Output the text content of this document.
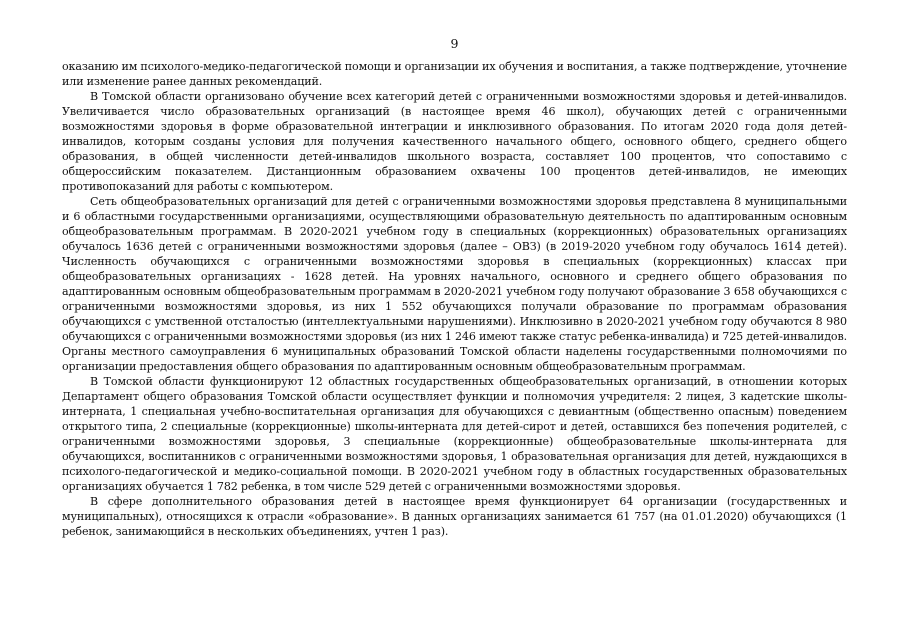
9

оказанию им психолого-медико-педагогической помощи и организации их обучения и воспитания, а также подтверждение, уточнение или изменение ранее данных рекомендаций.

В Томской области организовано обучение всех категорий детей с ограниченными возможностями здоровья и детей-инвалидов. Увеличивается число образовательных организаций (в настоящее время 46 школ), обучающих детей с ограниченными возможностями здоровья в форме образовательной интеграции и инклюзивного образования. По итогам 2020 года доля детей-инвалидов, которым созданы условия для получения качественного начального общего, основного общего, среднего общего образования, в общей численности детей-инвалидов школьного возраста, составляет 100 процентов, что сопоставимо с общероссийским показателем. Дистанционным образованием охвачены 100 процентов детей-инвалидов, не имеющих противопоказаний для работы с компьютером.

Сеть общеобразовательных организаций для детей с ограниченными возможностями здоровья представлена 8 муниципальными и 6 областными государственными организациями, осуществляющими образовательную деятельность по адаптированным основным общеобразовательным программам. В 2020-2021 учебном году в специальных (коррекционных) образовательных организациях обучалось 1636 детей с ограниченными возможностями здоровья (далее – ОВЗ) (в 2019-2020 учебном году обучалось 1614 детей). Численность обучающихся с ограниченными возможностями здоровья в специальных (коррекционных) классах при общеобразовательных организациях - 1628 детей. На уровнях начального, основного и среднего общего образования по адаптированным основным общеобразовательным программам в 2020-2021 учебном году получают образование 3 658 обучающихся с ограниченными возможностями здоровья, из них 1 552 обучающихся получали образование по программам образования обучающихся с умственной отсталостью (интеллектуальными нарушениями). Инклюзивно в 2020-2021 учебном году обучаются 8 980 обучающихся с ограниченными возможностями здоровья (из них 1 246 имеют также статус ребенка-инвалида) и 725 детей-инвалидов. Органы местного самоуправления 6 муниципальных образований Томской области наделены государственными полномочиями по организации предоставления общего образования по адаптированным основным общеобразовательным программам.

В Томской области функционируют 12 областных государственных общеобразовательных организаций, в отношении которых Департамент общего образования Томской области осуществляет функции и полномочия учредителя: 2 лицея, 3 кадетские школы-интерната, 1 специальная учебно-воспитательная организация для обучающихся с девиантным (общественно опасным) поведением открытого типа, 2 специальные (коррекционные) школы-интерната для детей-сирот и детей, оставшихся без попечения родителей, с ограниченными возможностями здоровья, 3 специальные (коррекционные) общеобразовательные школы-интерната для обучающихся, воспитанников с ограниченными возможностями здоровья, 1 образовательная организация для детей, нуждающихся в психолого-педагогической и медико-социальной помощи. В 2020-2021 учебном году в областных государственных образовательных организациях обучается 1 782 ребенка, в том числе 529 детей с ограниченными возможностями здоровья.

В сфере дополнительного образования детей в настоящее время функционирует 64 организации (государственных и муниципальных), относящихся к отрасли «образование». В данных организациях занимается 61 757 (на 01.01.2020) обучающихся (1 ребенок, занимающийся в нескольких объединениях, учтен 1 раз).
